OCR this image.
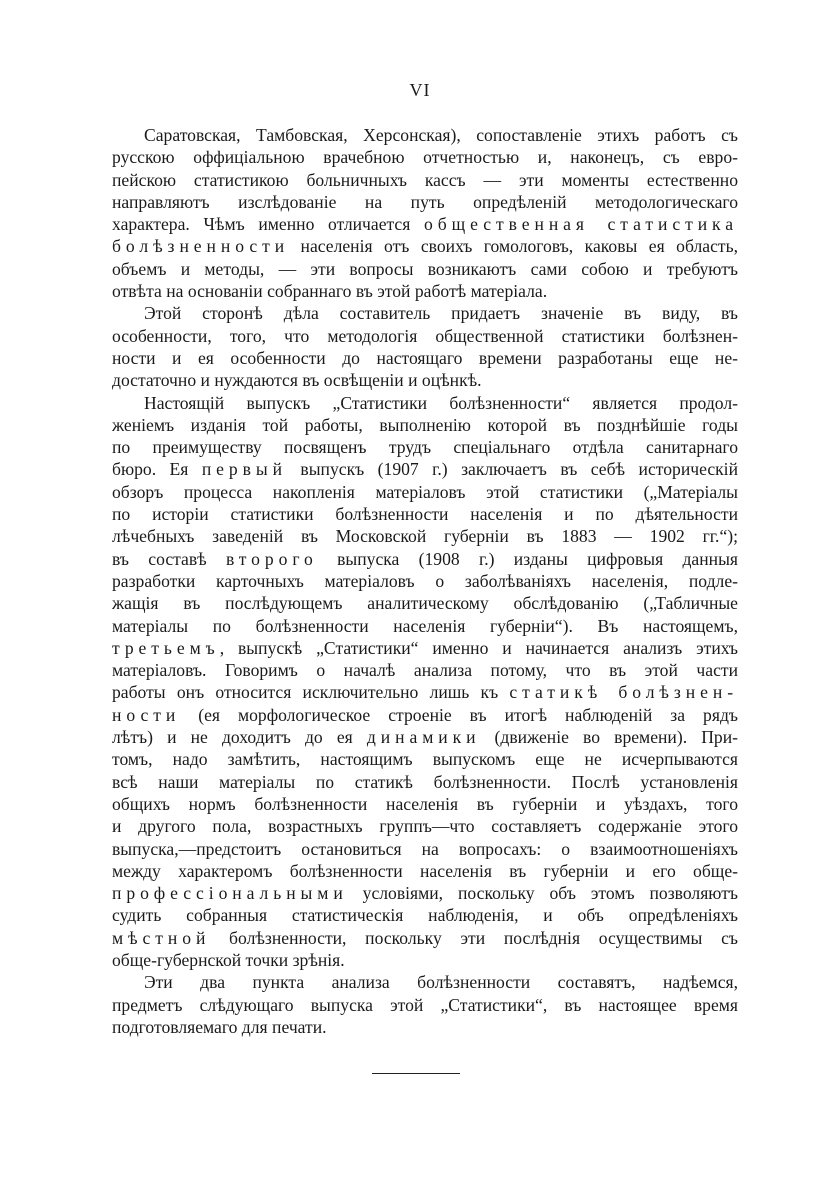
VI
Саратовская, Тамбовская, Херсонская), сопоставленіе этихъ работъ съ
русскою оффиціальною врачебною отчетностью и, наконецъ, съ евро-
пейскою статистикою больничныхъ кассъ — эти моменты естественно
направляютъ изслѣдованіе на путь опредѣленій методологическаго
характера. Чѣмъ именно отличается общественная статистика
болѣзненности населенія отъ своихъ гомологовъ, каковы ея область,
объемъ и методы, — эти вопросы возникаютъ сами собою и требуютъ
отвѣта на основаніи собраннаго въ этой работѣ матеріала.
Этой сторонѣ дѣла составитель придаетъ значеніе въ виду, въ
особенности, того, что методологія общественной статистики болѣзнен-
ности и ея особенности до настоящаго времени разработаны еще не-
достаточно и нуждаются въ освѣщеніи и оцѣнкѣ.
Настоящій выпускъ „Статистики болѣзненности“ является продол-
женіемъ изданія той работы, выполненію которой въ позднѣйшіе годы
по преимуществу посвященъ трудъ спеціальнаго отдѣла санитарнаго
бюро. Ея первый выпускъ (1907 г.) заключаетъ въ себѣ историческій
обзоръ процесса накопленія матеріаловъ этой статистики („Матеріалы
по исторіи статистики болѣзненности населенія и по дѣятельности
лѣчебныхъ заведеній въ Московской губерніи въ 1883 — 1902 гг.“);
въ составѣ второго выпуска (1908 г.) изданы цифровыя данныя
разработки карточныхъ матеріаловъ о заболѣваніяхъ населенія, подле-
жащія въ послѣдующемъ аналитическому обслѣдованію („Табличные
матеріалы по болѣзненности населенія губерніи“). Въ настоящемъ,
третьемъ, выпускѣ „Статистики“ именно и начинается анализъ этихъ
матеріаловъ. Говоримъ о началѣ анализа потому, что въ этой части
работы онъ относится исключительно лишь къ статикѣ болѣзнен-
ности (ея морфологическое строеніе въ итогѣ наблюденій за рядъ
лѣтъ) и не доходитъ до ея динамики (движеніе во времени). При-
томъ, надо замѣтить, настоящимъ выпускомъ еще не исчерпываются
всѣ наши матеріалы по статикѣ болѣзненности. Послѣ установленія
общихъ нормъ болѣзненности населенія въ губерніи и уѣздахъ, того
и другого пола, возрастныхъ группъ—что составляетъ содержаніе этого
выпуска,—предстоитъ остановиться на вопросахъ: о взаимоотношеніяхъ
между характеромъ болѣзненности населенія въ губерніи и его обще-
профессіональными условіями, поскольку объ этомъ позволяютъ
судить собранныя статистическія наблюденія, и объ опредѣленіяхъ
мѣстной болѣзненности, поскольку эти послѣднія осуществимы съ
обще-губернской точки зрѣнія.
Эти два пункта анализа болѣзненности составятъ, надѣемся,
предметъ слѣдующаго выпуска этой „Статистики“, въ настоящее время
подготовляемаго для печати.
